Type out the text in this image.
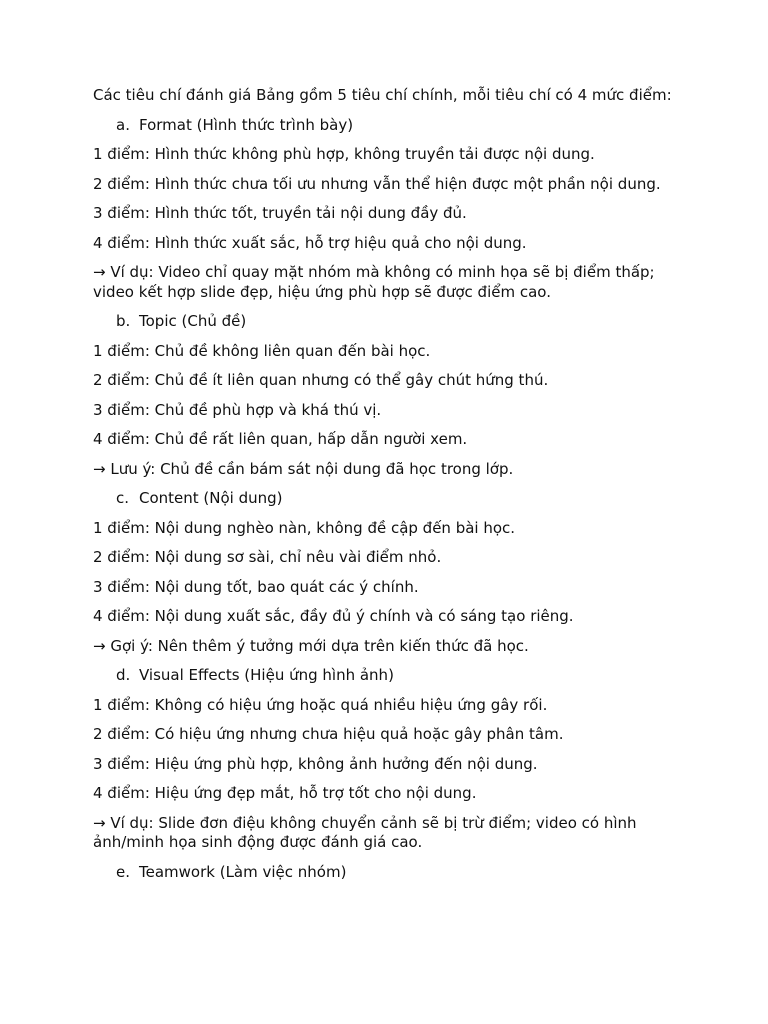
Các tiêu chí đánh giá Bảng gồm 5 tiêu chí chính, mỗi tiêu chí có 4 mức điểm:

a. Format (Hình thức trình bày)

1 điểm: Hình thức không phù hợp, không truyền tải được nội dung.

2 điểm: Hình thức chưa tối ưu nhưng vẫn thể hiện được một phần nội dung.

3 điểm: Hình thức tốt, truyền tải nội dung đầy đủ.

4 điểm: Hình thức xuất sắc, hỗ trợ hiệu quả cho nội dung.

→ Ví dụ: Video chỉ quay mặt nhóm mà không có minh họa sẽ bị điểm thấp; video kết hợp slide đẹp, hiệu ứng phù hợp sẽ được điểm cao.

b. Topic (Chủ đề)

1 điểm: Chủ đề không liên quan đến bài học.

2 điểm: Chủ đề ít liên quan nhưng có thể gây chút hứng thú.

3 điểm: Chủ đề phù hợp và khá thú vị.

4 điểm: Chủ đề rất liên quan, hấp dẫn người xem.

→ Lưu ý: Chủ đề cần bám sát nội dung đã học trong lớp.

c. Content (Nội dung)

1 điểm: Nội dung nghèo nàn, không đề cập đến bài học.

2 điểm: Nội dung sơ sài, chỉ nêu vài điểm nhỏ.

3 điểm: Nội dung tốt, bao quát các ý chính.

4 điểm: Nội dung xuất sắc, đầy đủ ý chính và có sáng tạo riêng.

→ Gợi ý: Nên thêm ý tưởng mới dựa trên kiến thức đã học.

d. Visual Effects (Hiệu ứng hình ảnh)

1 điểm: Không có hiệu ứng hoặc quá nhiều hiệu ứng gây rối.

2 điểm: Có hiệu ứng nhưng chưa hiệu quả hoặc gây phân tâm.

3 điểm: Hiệu ứng phù hợp, không ảnh hưởng đến nội dung.

4 điểm: Hiệu ứng đẹp mắt, hỗ trợ tốt cho nội dung.

→ Ví dụ: Slide đơn điệu không chuyển cảnh sẽ bị trừ điểm; video có hình ảnh/minh họa sinh động được đánh giá cao.

e. Teamwork (Làm việc nhóm)
